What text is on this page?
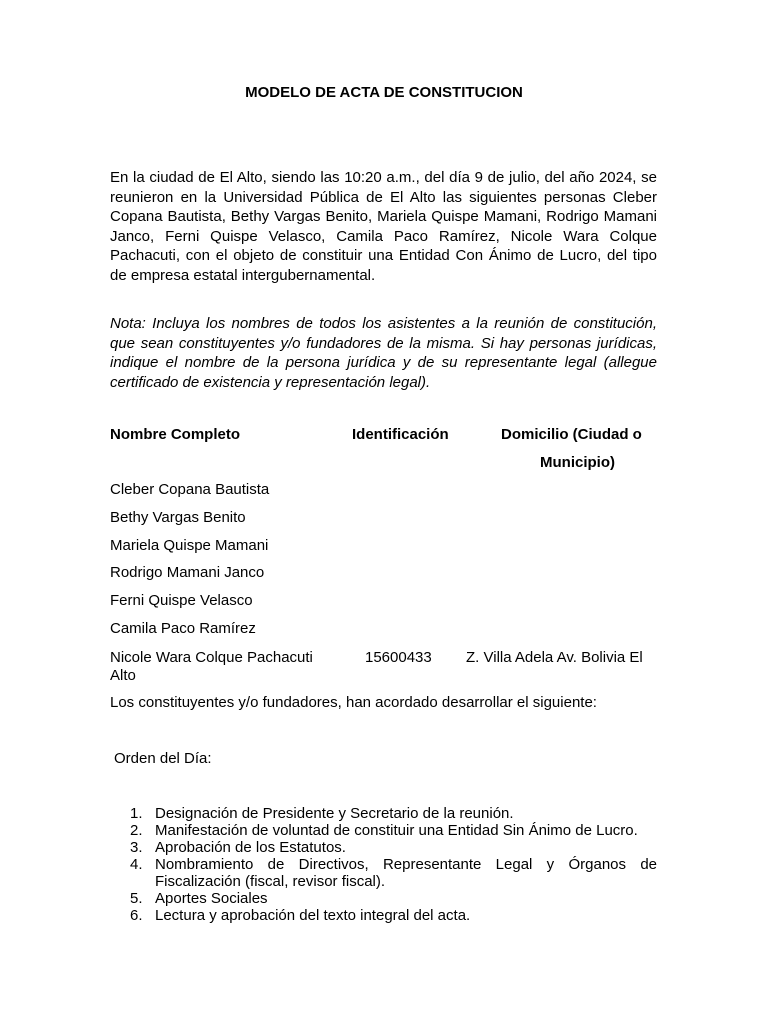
MODELO DE ACTA DE CONSTITUCION

En la ciudad de El Alto, siendo las 10:20 a.m., del día 9 de julio, del año 2024, se reunieron en la Universidad Pública de El Alto las siguientes personas Cleber Copana Bautista, Bethy Vargas Benito, Mariela Quispe Mamani, Rodrigo Mamani Janco, Ferni Quispe Velasco, Camila Paco Ramírez, Nicole Wara Colque Pachacuti, con el objeto de constituir una Entidad Con Ánimo de Lucro, del tipo de empresa estatal intergubernamental.

Nota: Incluya los nombres de todos los asistentes a la reunión de constitución, que sean constituyentes y/o fundadores de la misma. Si hay personas jurídicas, indique el nombre de la persona jurídica y de su representante legal (allegue certificado de existencia y representación legal).

Nombre Completo	Identificación	Domicilio (Ciudad o

Municipio)

Cleber Copana Bautista

Bethy Vargas Benito

Mariela Quispe Mamani

Rodrigo Mamani Janco

Ferni Quispe Velasco

Camila Paco Ramírez

Nicole Wara Colque Pachacuti	15600433 Z. Villa Adela Av. Bolivia El

Alto

Los constituyentes y/o fundadores, han acordado desarrollar el siguiente:

Orden del Día:

1. Designación de Presidente y Secretario de la reunión.
2. Manifestación de voluntad de constituir una Entidad Sin Ánimo de Lucro.
3. Aprobación de los Estatutos.
4. Nombramiento de Directivos, Representante Legal y Órganos de Fiscalización (fiscal, revisor fiscal).
5. Aportes Sociales
6. Lectura y aprobación del texto integral del acta.
